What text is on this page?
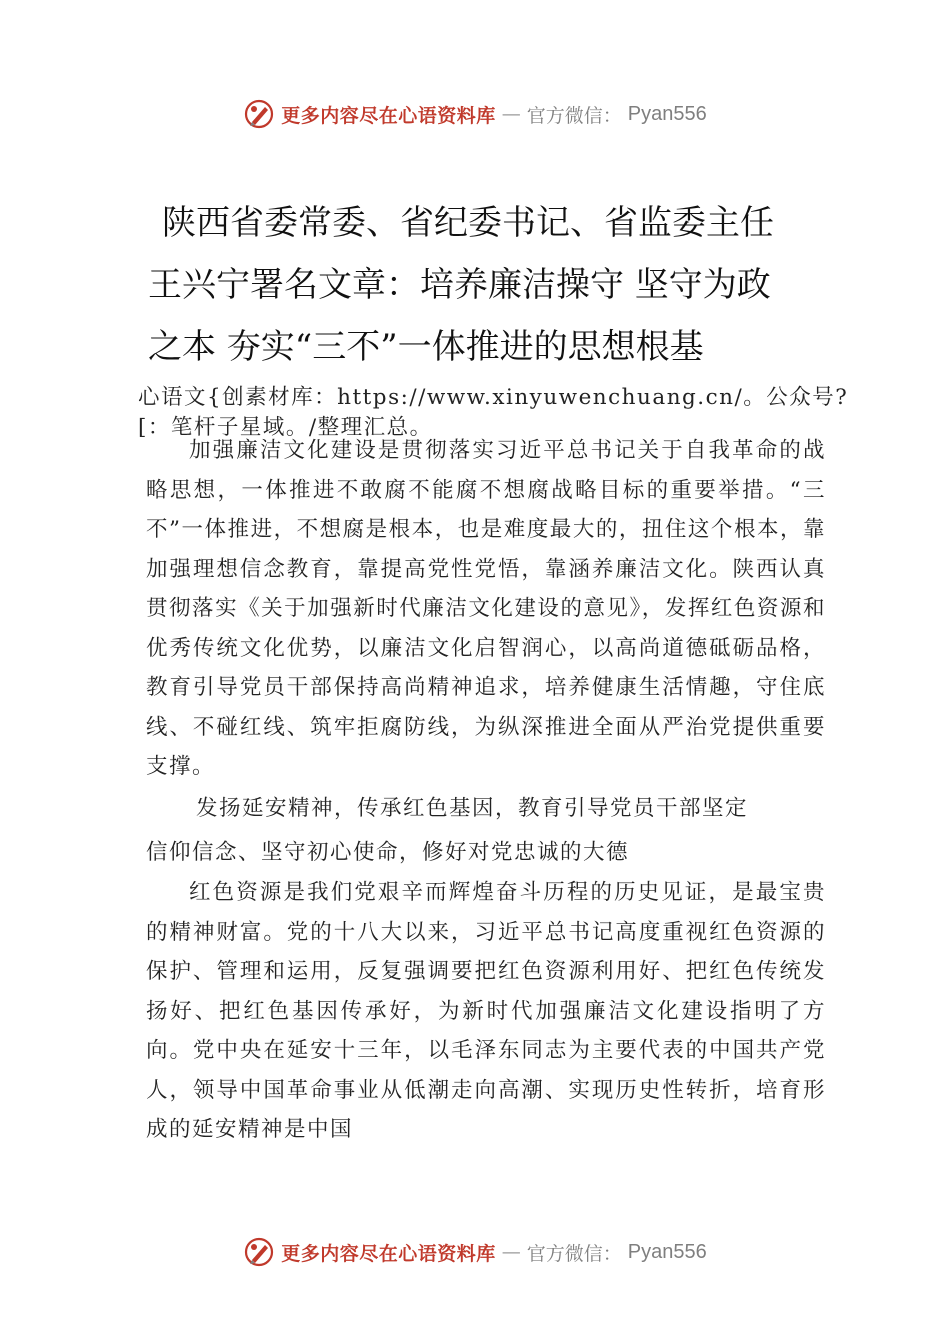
更多内容尽在心语资料库 — 官方微信： Pyan556
陕西省委常委、省纪委书记、省监委主任
王兴宁署名文章：培养廉洁操守 坚守为政
之本 夯实“三不”一体推进的思想根基
心语文{创素材库：https://www.xinyuwenchuang.cn/。公众号?
[：笔杆子星域。/整理汇总。

加强廉洁文化建设是贯彻落实习近平总书记关于自我革命的战略思想，一体推进不敢腐不能腐不想腐战略目标的重要举措。“三不”一体推进，不想腐是根本，也是难度最大的，扭住这个根本，靠加强理想信念教育，靠提高党性党悟，靠涵养廉洁文化。陕西认真贯彻落实《关于加强新时代廉洁文化建设的意见》，发挥红色资源和优秀传统文化优势，以廉洁文化启智润心，以高尚道德砥砺品格，教育引导党员干部保持高尚精神追求，培养健康生活情趣，守住底线、不碰红线、筑牢拒腐防线，为纵深推进全面从严治党提供重要支撑。

发扬延安精神，传承红色基因，教育引导党员干部坚定
信仰信念、坚守初心使命，修好对党忠诚的大德

红色资源是我们党艰辛而辉煌奋斗历程的历史见证，是最宝贵的精神财富。党的十八大以来，习近平总书记高度重视红色资源的保护、管理和运用，反复强调要把红色资源利用好、把红色传统发扬好、把红色基因传承好，为新时代加强廉洁文化建设指明了方向。党中央在延安十三年，以毛泽东同志为主要代表的中国共产党人，领导中国革命事业从低潮走向高潮、实现历史性转折，培育形成的延安精神是中国

更多内容尽在心语资料库 — 官方微信： Pyan556
